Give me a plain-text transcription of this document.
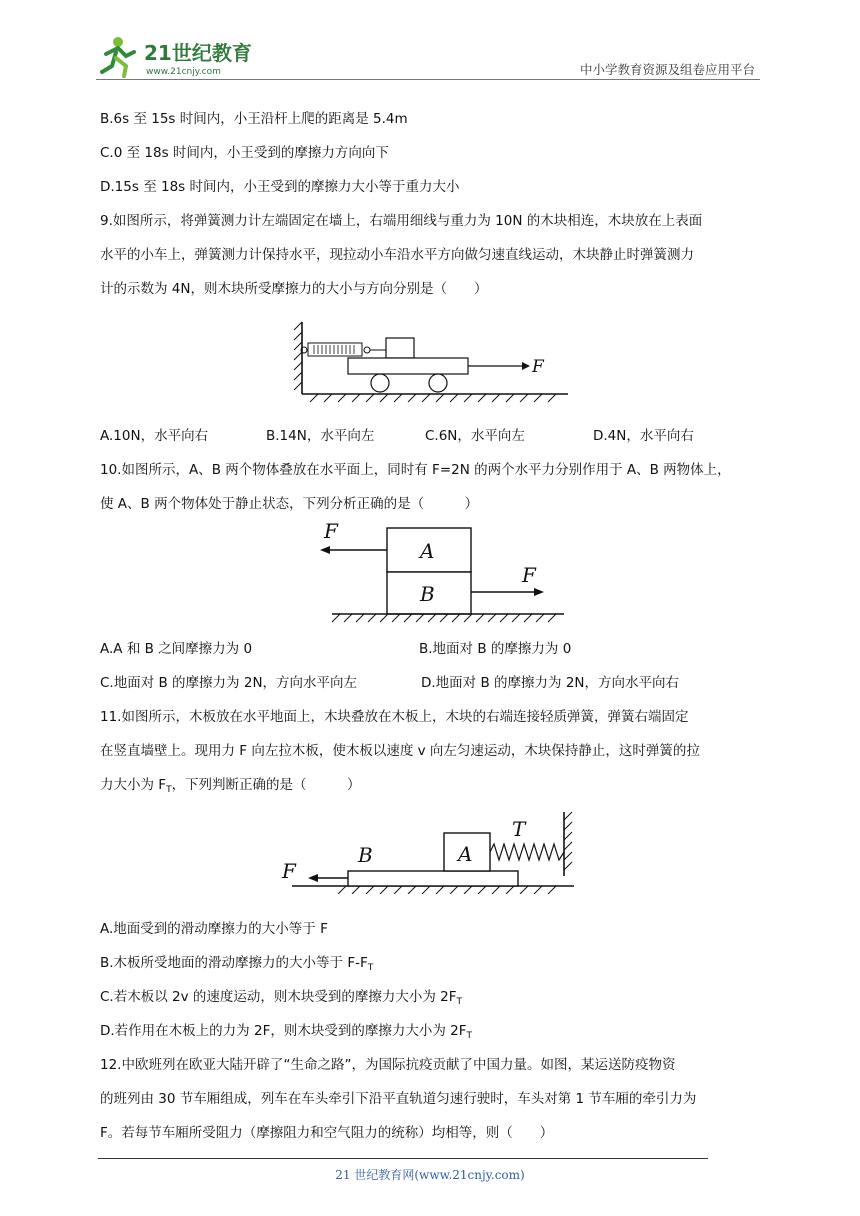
21世纪教育
www.21cnjy.com	中小学教育资源及组卷应用平台
B.6s 至 15s 时间内，小王沿杆上爬的距离是 5.4m
C.0 至 18s 时间内，小王受到的摩擦力方向向下
D.15s 至 18s 时间内，小王受到的摩擦力大小等于重力大小
9.如图所示，将弹簧测力计左端固定在墙上，右端用细线与重力为 10N 的木块相连，木块放在上表面
水平的小车上，弹簧测力计保持水平，现拉动小车沿水平方向做匀速直线运动，木块静止时弹簧测力
计的示数为 4N，则木块所受摩擦力的大小与方向分别是（　　）
F
A.10N，水平向右	B.14N，水平向左	C.6N，水平向左	D.4N，水平向右
10.如图所示，A、B 两个物体叠放在水平面上，同时有 F=2N 的两个水平力分别作用于 A、B 两物体上，
使 A、B 两个物体处于静止状态，下列分析正确的是（　　　）
A
B
F
F
A.A 和 B 之间摩擦力为 0	B.地面对 B 的摩擦力为 0
C.地面对 B 的摩擦力为 2N，方向水平向左	D.地面对 B 的摩擦力为 2N，方向水平向右
11.如图所示，木板放在水平地面上，木块叠放在木板上，木块的右端连接轻质弹簧，弹簧右端固定
在竖直墙壁上。现用力 F 向左拉木板，使木板以速度 v 向左匀速运动，木块保持静止，这时弹簧的拉
力大小为 $F_T$，下列判断正确的是（　　　）
B	A
T
F
A.地面受到的滑动摩擦力的大小等于 F
B.木板所受地面的滑动摩擦力的大小等于 $F-F_T$
C.若木板以 2v 的速度运动，则木块受到的摩擦力大小为 $2F_T$
D.若作用在木板上的力为 2F，则木块受到的摩擦力大小为 $2F_T$
12.中欧班列在欧亚大陆开辟了“生命之路”，为国际抗疫贡献了中国力量。如图，某运送防疫物资
的班列由 30 节车厢组成，列车在车头牵引下沿平直轨道匀速行驶时，车头对第 1 节车厢的牵引力为
F。若每节车厢所受阻力（摩擦阻力和空气阻力的统称）均相等，则（　　）
21 世纪教育网(www.21cnjy.com)
